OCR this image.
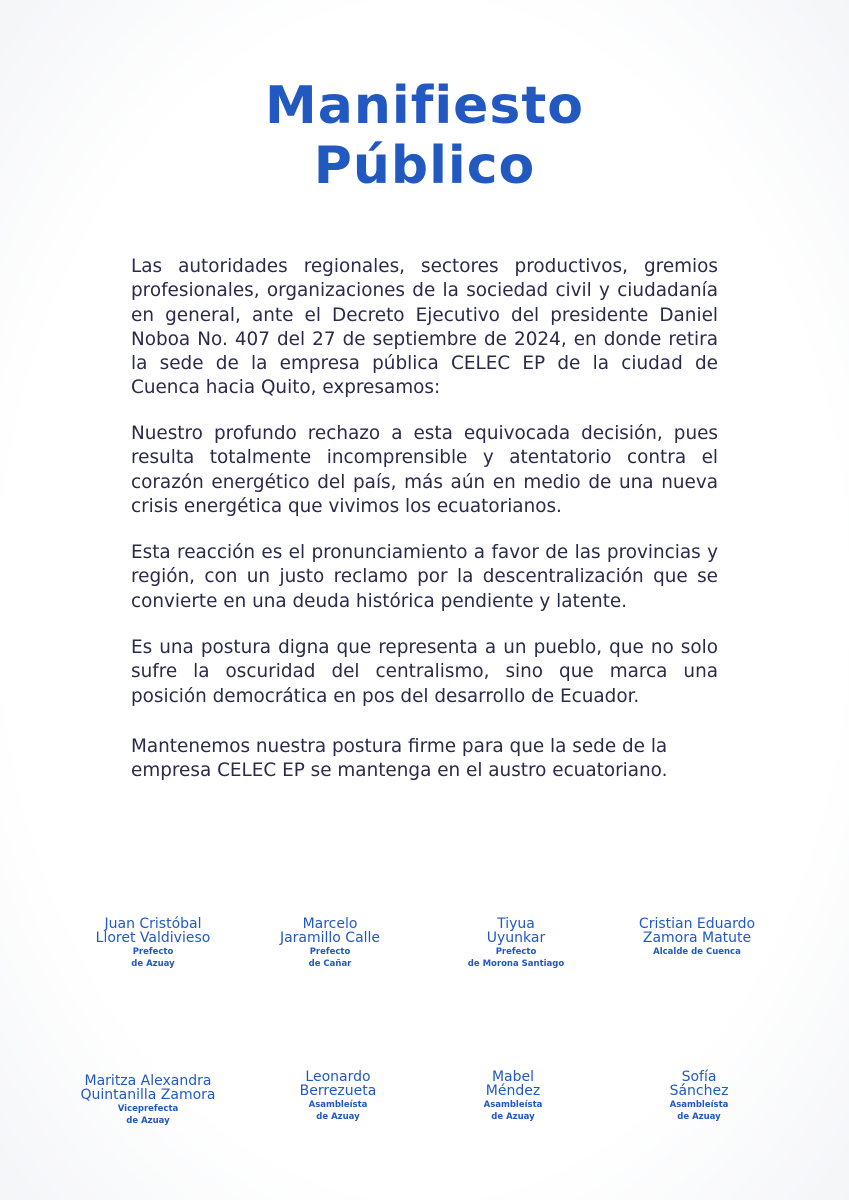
Manifiesto
Público

Las autoridades regionales, sectores productivos, gremios profesionales, organizaciones de la sociedad civil y ciudadanía en general, ante el Decreto Ejecutivo del presidente Daniel Noboa No. 407 del 27 de septiembre de 2024, en donde retira la sede de la empresa pública CELEC EP de la ciudad de Cuenca hacia Quito, expresamos:

Nuestro profundo rechazo a esta equivocada decisión, pues resulta totalmente incomprensible y atentatorio contra el corazón energético del país, más aún en medio de una nueva crisis energética que vivimos los ecuatorianos.

Esta reacción es el pronunciamiento a favor de las provincias y región, con un justo reclamo por la descentralización que se convierte en una deuda histórica pendiente y latente.

Es una postura digna que representa a un pueblo, que no solo sufre la oscuridad del centralismo, sino que marca una posición democrática en pos del desarrollo de Ecuador.

Mantenemos nuestra postura firme para que la sede de la empresa CELEC EP se mantenga en el austro ecuatoriano.

Juan Cristóbal
Lloret Valdivieso
Prefecto
de Azuay
Marcelo
Jaramillo Calle
Prefecto
de Cañar
Tiyua
Uyunkar
Prefecto
de Morona Santiago
Cristian Eduardo
Zamora Matute
Alcalde de Cuenca
Maritza Alexandra
Quintanilla Zamora
Viceprefecta
de Azuay
Leonardo
Berrezueta
Asambleísta
de Azuay
Mabel
Méndez
Asambleísta
de Azuay
Sofía
Sánchez
Asambleísta
de Azuay
